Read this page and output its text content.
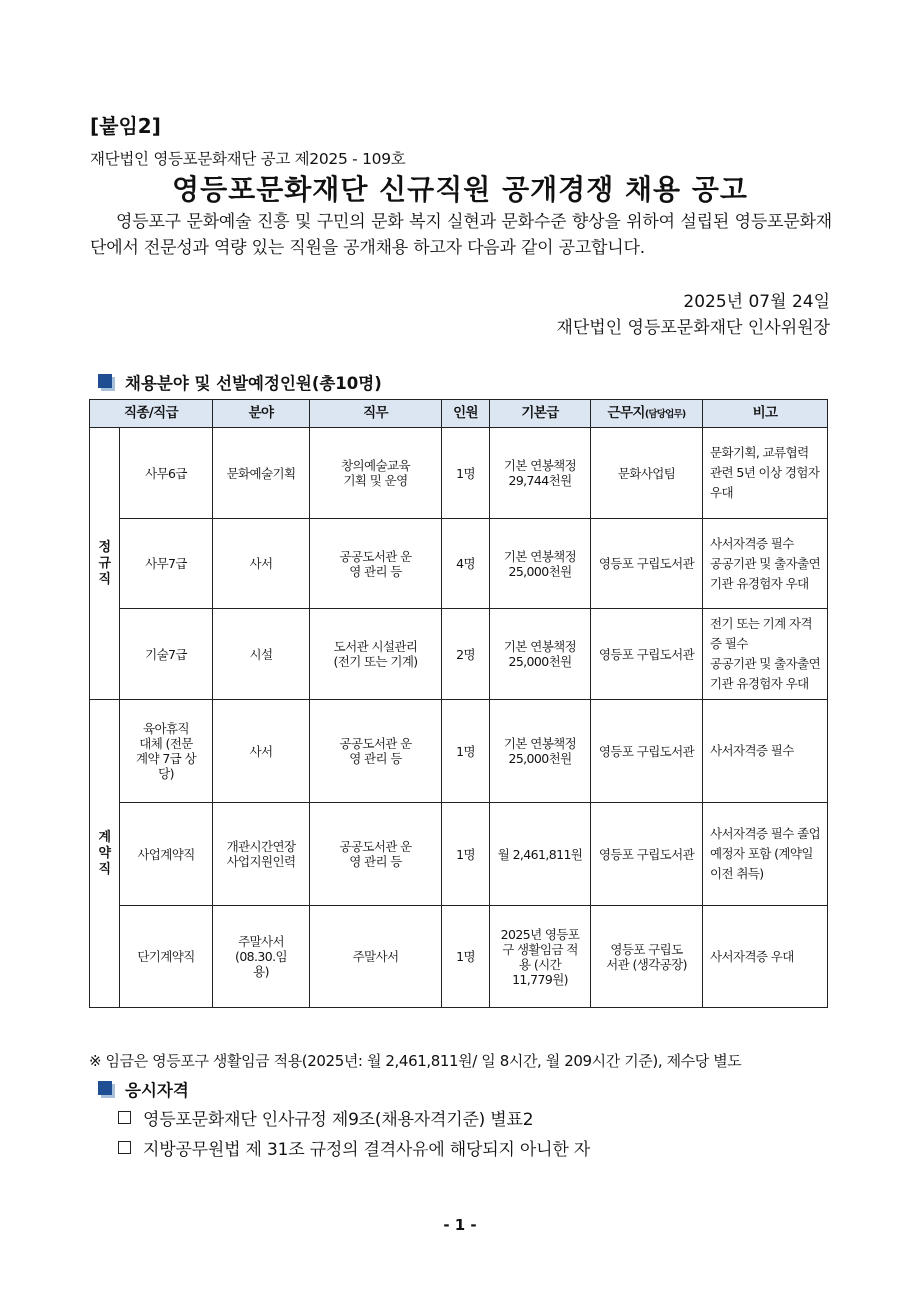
[붙임2]
재단법인 영등포문화재단 공고 제2025 - 109호
영등포문화재단 신규직원 공개경쟁 채용 공고
영등포구 문화예술 진흥 및 구민의 문화 복지 실현과 문화수준 향상을 위하여 설립된 영등포문화재단에서 전문성과 역량 있는 직원을 공개채용 하고자 다음과 같이 공고합니다.
2025년 07월 24일
재단법인 영등포문화재단 인사위원장
채용분야 및 선발예정인원(총10명)
직종/직급		분야	직무	인원	기본급	근무지(담당업무)	비고
정규직	사무6급	문화예술기획	창의예술교육 기획 및 운영	1명	기본 연봉책정 29,744천원	문화사업팀	문화기획, 교류협력 관련 5년 이상 경험자 우대

	사무7급	사서	공공도서관 운영 관리 등	4명	기본 연봉책정 25,000천원	영등포 구립도서관	사서자격증 필수
공공기관 및 출자출연기관 유경험자 우대

	기술7급	시설	도서관 시설관리 (전기 또는 기계)	2명	기본 연봉책정 25,000천원	영등포 구립도서관	전기 또는 기계 자격증 필수
공공기관 및 출자출연기관 유경험자 우대

계약직	육아휴직 대체 (전문계약 7급 상당)	사서	공공도서관 운영 관리 등	1명	기본 연봉책정 25,000천원	영등포 구립도서관	사서자격증 필수

	사업계약직	개관시간연장 사업지원인력	공공도서관 운영 관리 등	1명	월 2,461,811원	영등포 구립도서관	사서자격증 필수 졸업예정자 포함 (계약일 이전 취득)

	단기계약직	주말사서 (08.30.임용)	주말사서	1명	2025년 영등포구 생활임금 적용 (시간 11,779원)	영등포 구립도서관 (생각공장)	사서자격증 우대
※ 임금은 영등포구 생활임금 적용(2025년: 월 2,461,811원/ 일 8시간, 월 209시간 기준), 제수당 별도
응시자격
영등포문화재단 인사규정 제9조(채용자격기준) 별표2
지방공무원법 제 31조 규정의 결격사유에 해당되지 아니한 자
- 1 -
